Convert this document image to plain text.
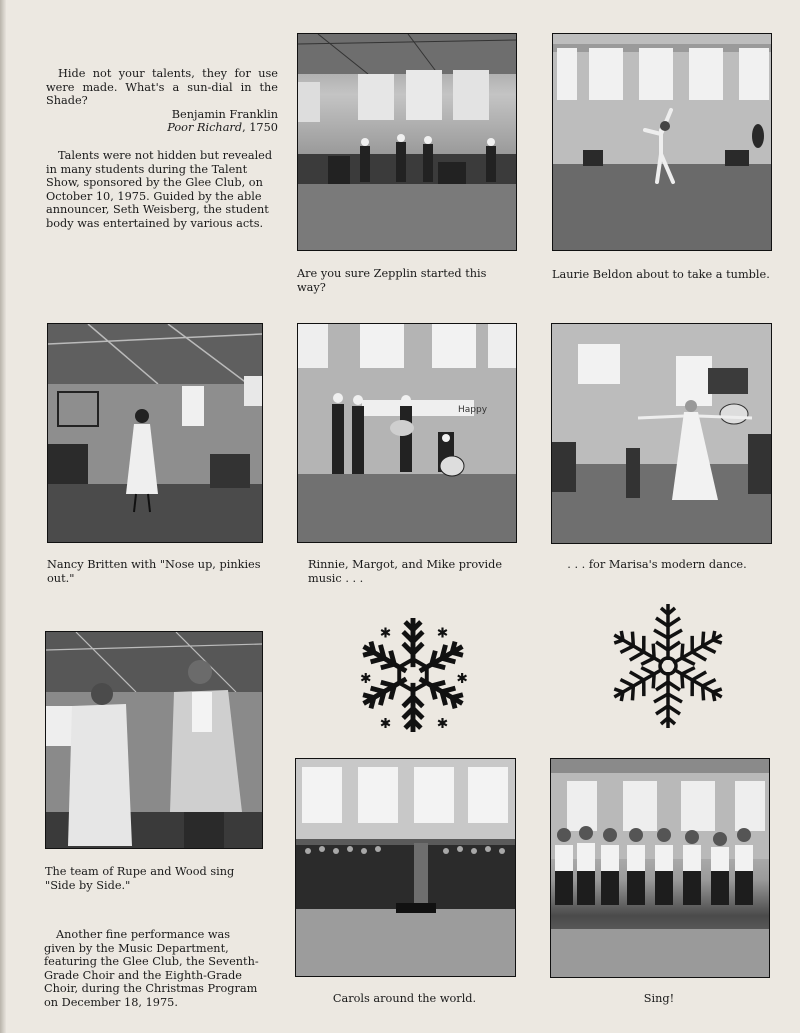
Hide not your talents, they for use were made. What's a sun-dial in the Shade?
Benjamin Franklin
Poor Richard, 1750
Talents were not hidden but revealed in many students during the Talent Show, sponsored by the Glee Club, on October 10, 1975. Guided by the able announcer, Seth Weisberg, the student body was entertained by various acts.
Are you sure Zepplin started this way?
Laurie Beldon about to take a tumble.
Nancy Britten with "Nose up, pinkies out."
Happy
Rinnie, Margot, and Mike provide music . . .
. . . for Marisa's modern dance.
The team of Rupe and Wood sing "Side by Side."
Another fine performance was given by the Music Department, featuring the Glee Club, the Seventh-Grade Choir and the Eighth-Grade Choir, during the Christmas Program on December 18, 1975.
✱	✱
✱	✱
✱	✱
Carols around the world.	Sing!
